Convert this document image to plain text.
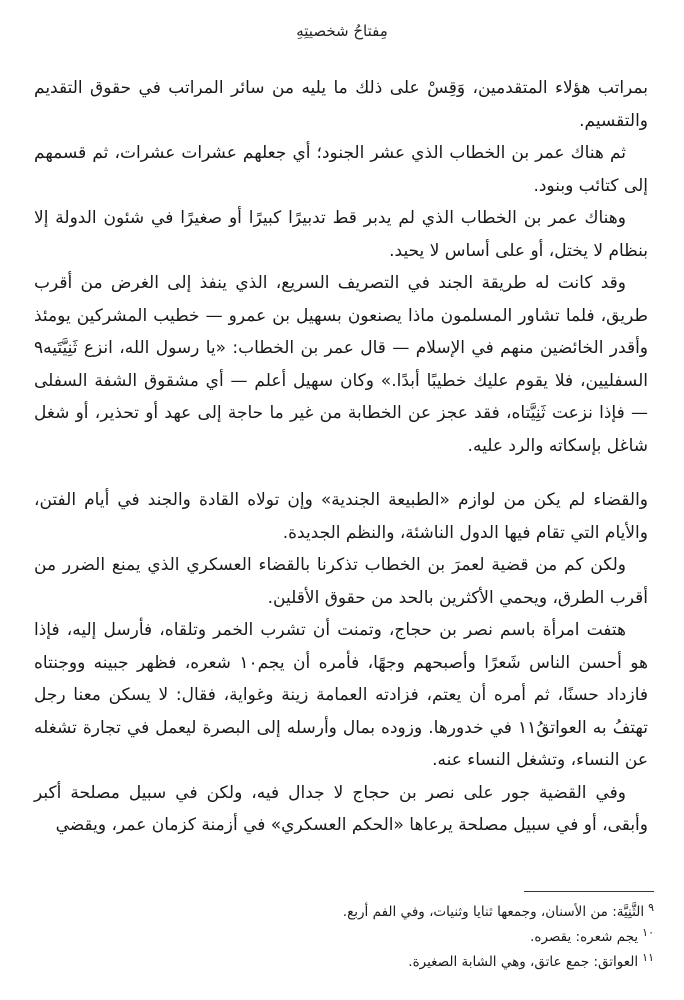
مِفتاحُ شخصيتِهِ

بمراتب هؤلاء المتقدمين، وَقِسْ على ذلك ما يليه من سائر المراتب في حقوق التقديم والتقسيم.

ثم هناك عمر بن الخطاب الذي عشر الجنود؛ أي جعلهم عشرات عشرات، ثم قسمهم إلى كتائب وبنود.

وهناك عمر بن الخطاب الذي لم يدبر قط تدبيرًا كبيرًا أو صغيرًا في شئون الدولة إلا بنظام لا يختل، أو على أساس لا يحيد.

وقد كانت له طريقة الجند في التصريف السريع، الذي ينفذ إلى الغرض من أقرب طريق، فلما تشاور المسلمون ماذا يصنعون بسهيل بن عمرو — خطيب المشركين يومئذ وأقدر الخائضين منهم في الإسلام — قال عمر بن الخطاب: «يا رسول الله، انزع ثَنِيَّتَيه٩ السفليين، فلا يقوم عليك خطيبًا أبدًا.» وكان سهيل أعلم — أي مشقوق الشفة السفلى — فإذا نزعت ثَنِيَّتاه، فقد عجز عن الخطابة من غير ما حاجة إلى عهد أو تحذير، أو شغل شاغل بإسكاته والرد عليه.

والقضاء لم يكن من لوازم «الطبيعة الجندية» وإن تولاه القادة والجند في أيام الفتن، والأيام التي تقام فيها الدول الناشئة، والنظم الجديدة.

ولكن كم من قضية لعمرَ بن الخطاب تذكرنا بالقضاء العسكري الذي يمنع الضرر من أقرب الطرق، ويحمي الأكثرين بالحد من حقوق الأقلين.

هتفت امرأة باسم نصر بن حجاج، وتمنت أن تشرب الخمر وتلقاه، فأرسل إليه، فإذا هو أحسن الناس شَعرًا وأصبحهم وجهًا، فأمره أن يجم١٠ شعره، فظهر جبينه ووجنتاه فازداد حسنًا، ثم أمره أن يعتم، فزادته العمامة زينة وغواية، فقال: لا يسكن معنا رجل تهتفُ به العواتقُ١١ في خدورها. وزوده بمال وأرسله إلى البصرة ليعمل في تجارة تشغله عن النساء، وتشغل النساء عنه.

وفي القضية جور على نصر بن حجاج لا جدال فيه، ولكن في سبيل مصلحة أكبر وأبقى، أو في سبيل مصلحة يرعاها «الحكم العسكري» في أزمنة كزمان عمر، ويقضي

$^٩$الثَّنِيَّة: من الأسنان، وجمعها ثنايا وثنيات، وفي الفم أربع.
$^{١٠}$يجم شعره: يقصره.
$^{١١}$العواتق: جمع عاتق، وهي الشابة الصغيرة.
